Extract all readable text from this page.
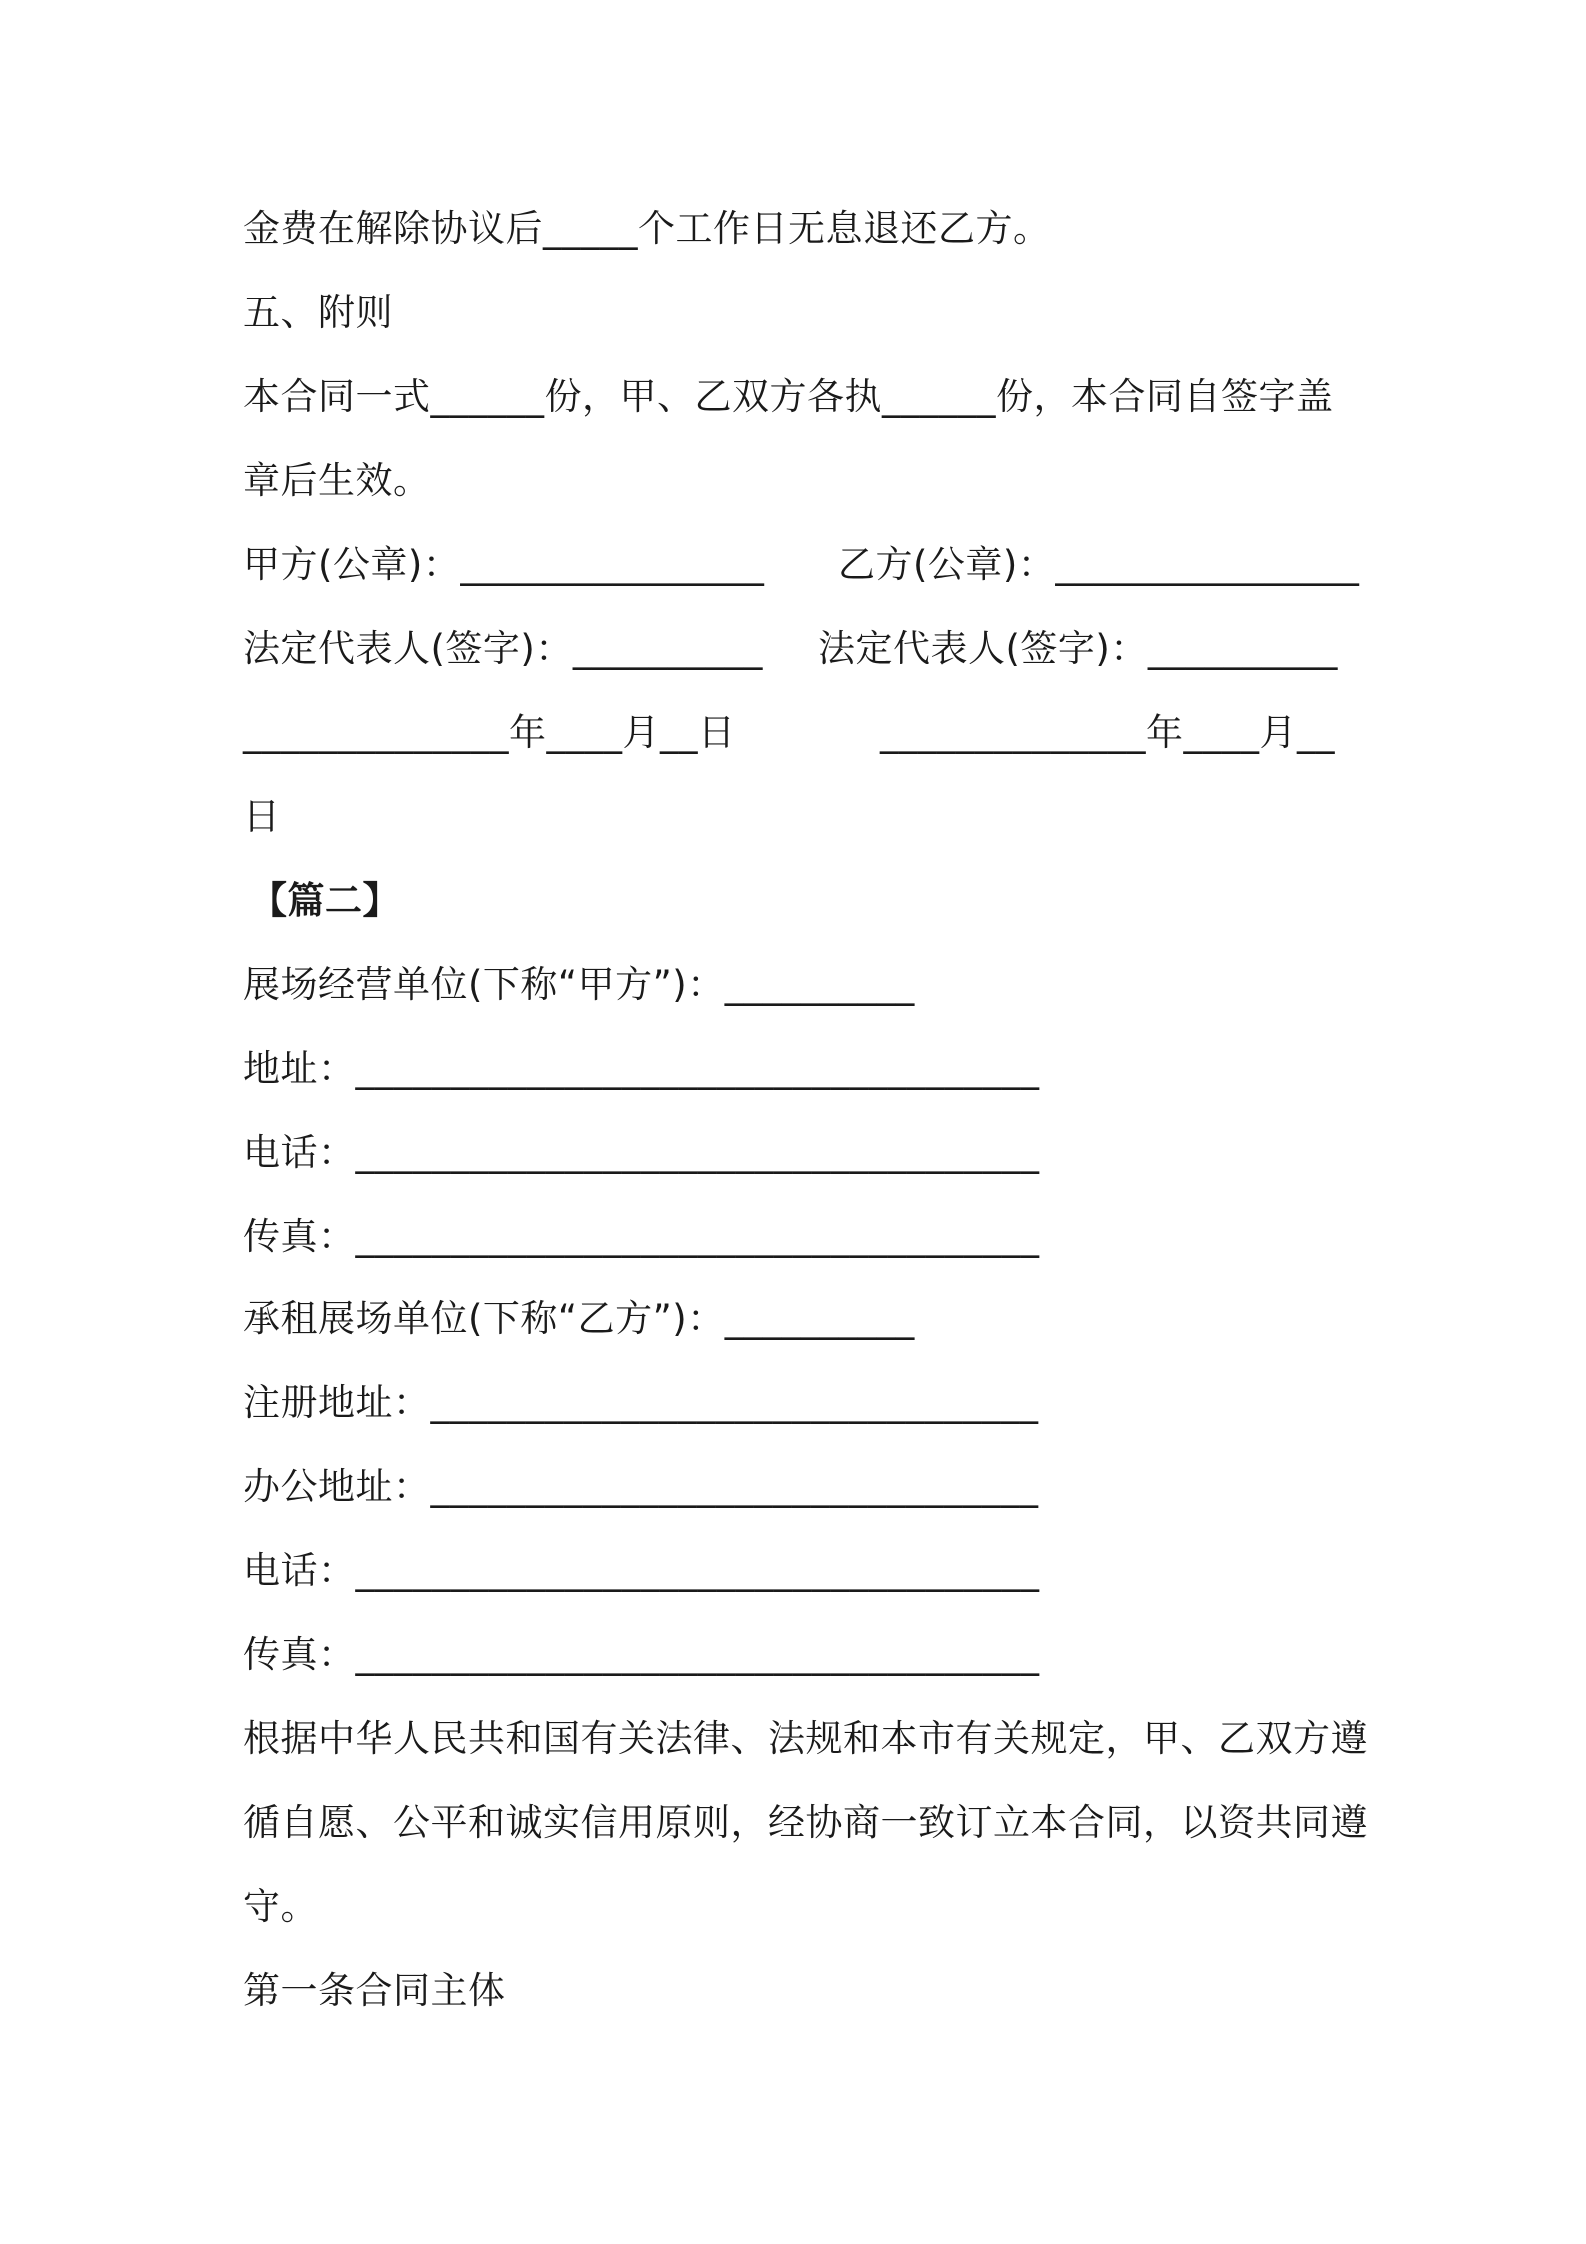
金费在解除协议后_____个工作日无息退还乙方。
五、附则
本合同一式______份，甲、乙双方各执______份，本合同自签字盖
章后生效。
甲方(公章)：________________ 乙方(公章)：________________
法定代表人(签字)：__________ 法定代表人(签字)：__________
______________年____月__日	______________年____月__
日
【篇二】
展场经营单位(下称“甲方”)：__________
地址：____________________________________
电话：____________________________________
传真：____________________________________
承租展场单位(下称“乙方”)：__________
注册地址：________________________________
办公地址：________________________________
电话：____________________________________
传真：____________________________________
根据中华人民共和国有关法律、法规和本市有关规定，甲、乙双方遵
循自愿、公平和诚实信用原则，经协商一致订立本合同，以资共同遵
守。
第一条合同主体
